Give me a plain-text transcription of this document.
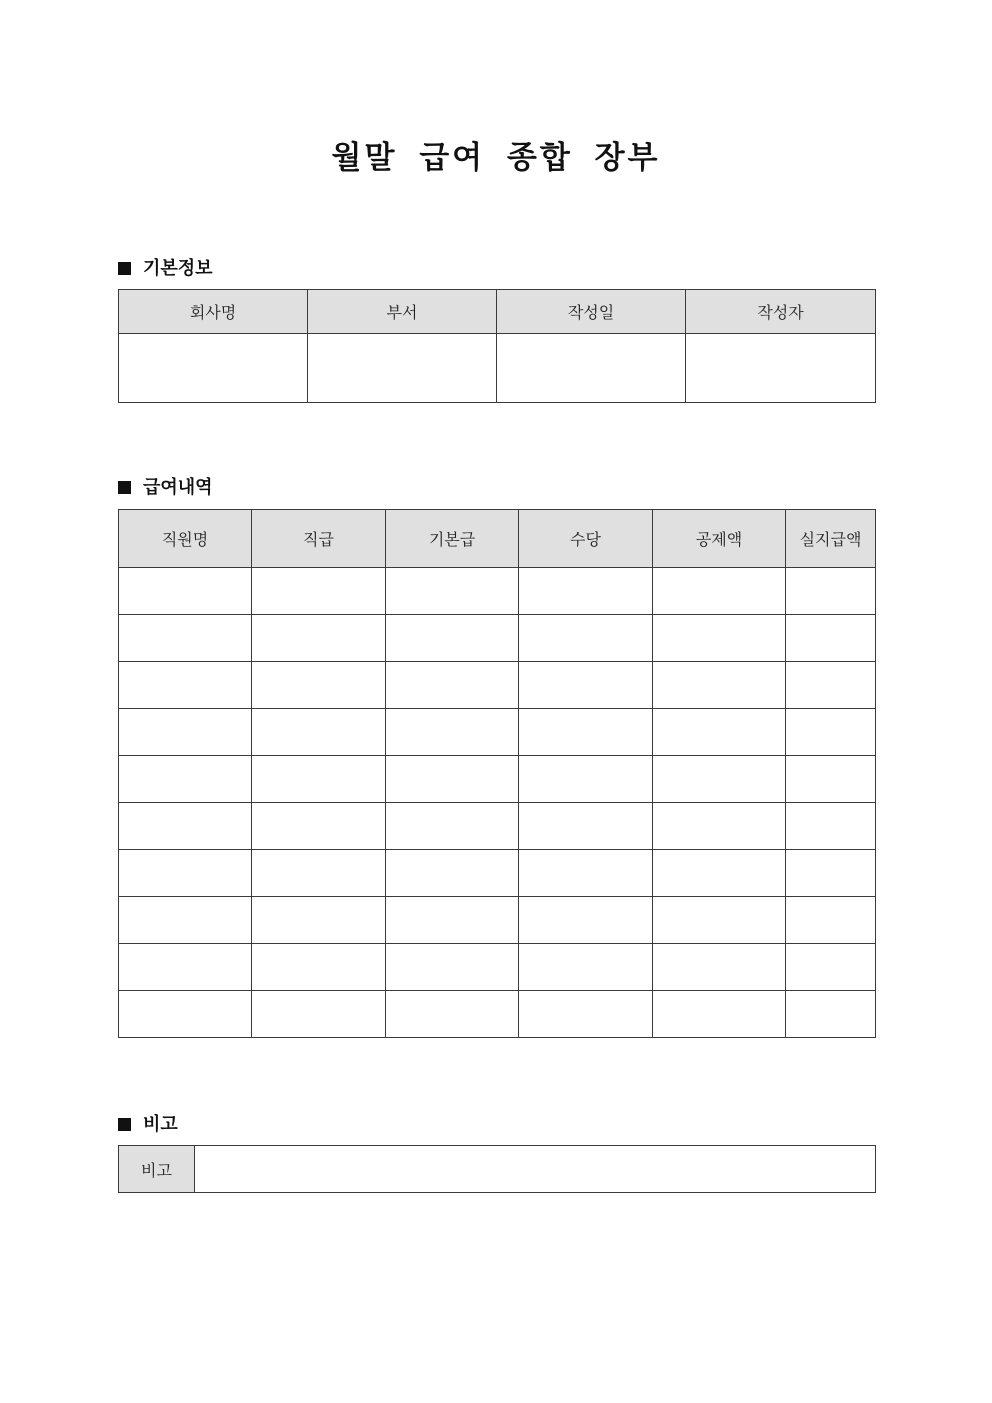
월말 급여 종합 장부
기본정보
회사명	부서	작성일	작성자

급여내역
직원명	직급	기본급	수당	공제액	실지급액

비고
비고	
